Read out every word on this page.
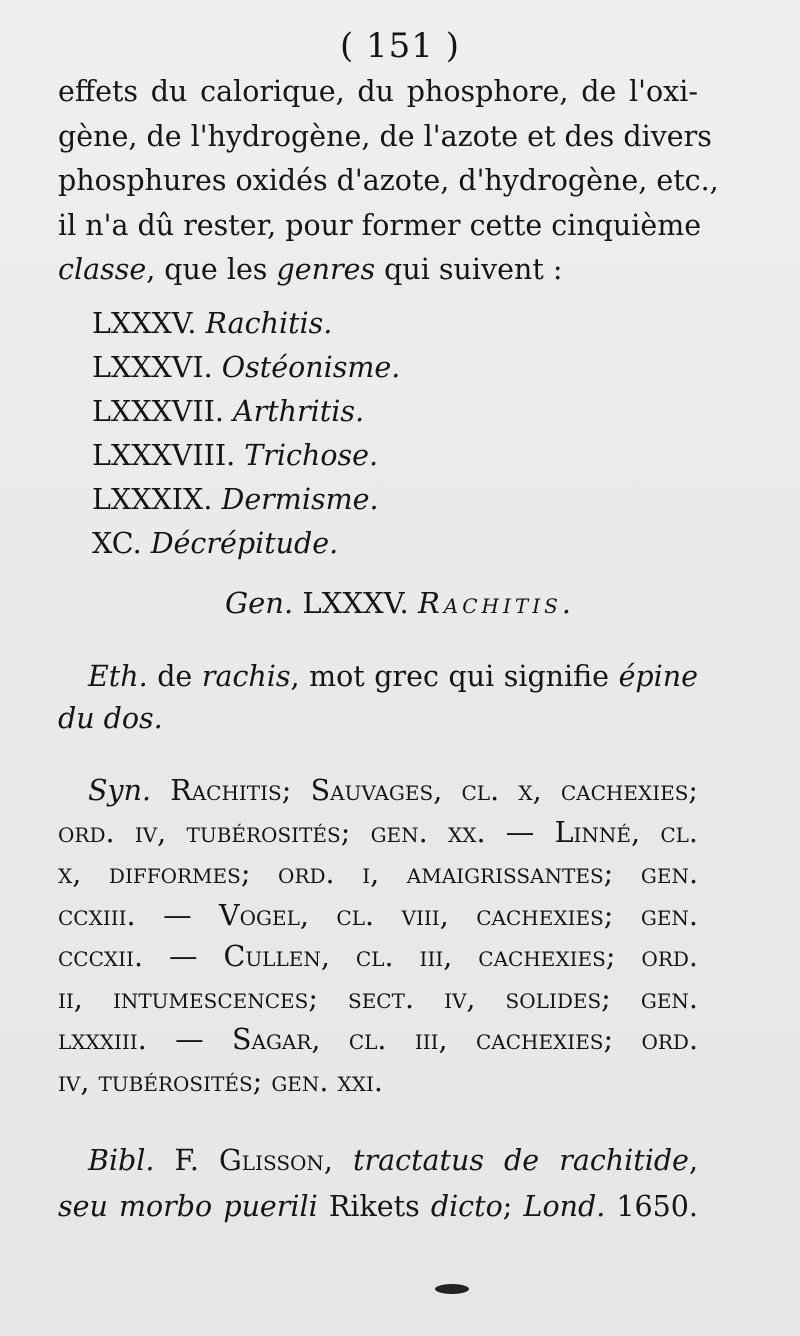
( 151 )
effets du calorique, du phosphore, de l'oxi-
gène, de l'hydrogène, de l'azote et des divers
phosphures oxidés d'azote, d'hydrogène, etc.,
il n'a dû rester, pour former cette cinquième
classe, que les genres qui suivent :
LXXXV. Rachitis.
LXXXVI. Ostéonisme.
LXXXVII. Arthritis.
LXXXVIII. Trichose.
LXXXIX. Dermisme.
XC. Décrépitude.
Gen. LXXXV. Rachitis.
Eth. de rachis, mot grec qui signifie épine
du dos.
Syn. Rachitis; Sauvages, cl. x, cachexies;
ord. iv, tubérosités; gen. xx. — Linné, cl.
x, difformes; ord. i, amaigrissantes; gen.
ccxiii. — Vogel, cl. viii, cachexies; gen.
cccxii. — Cullen, cl. iii, cachexies; ord.
ii, intumescences; sect. iv, solides; gen.
lxxxiii. — Sagar, cl. iii, cachexies; ord.
iv, tubérosités; gen. xxi.
Bibl. F. Glisson, tractatus de rachitide,
seu morbo puerili Rikets dicto; Lond. 1650.
